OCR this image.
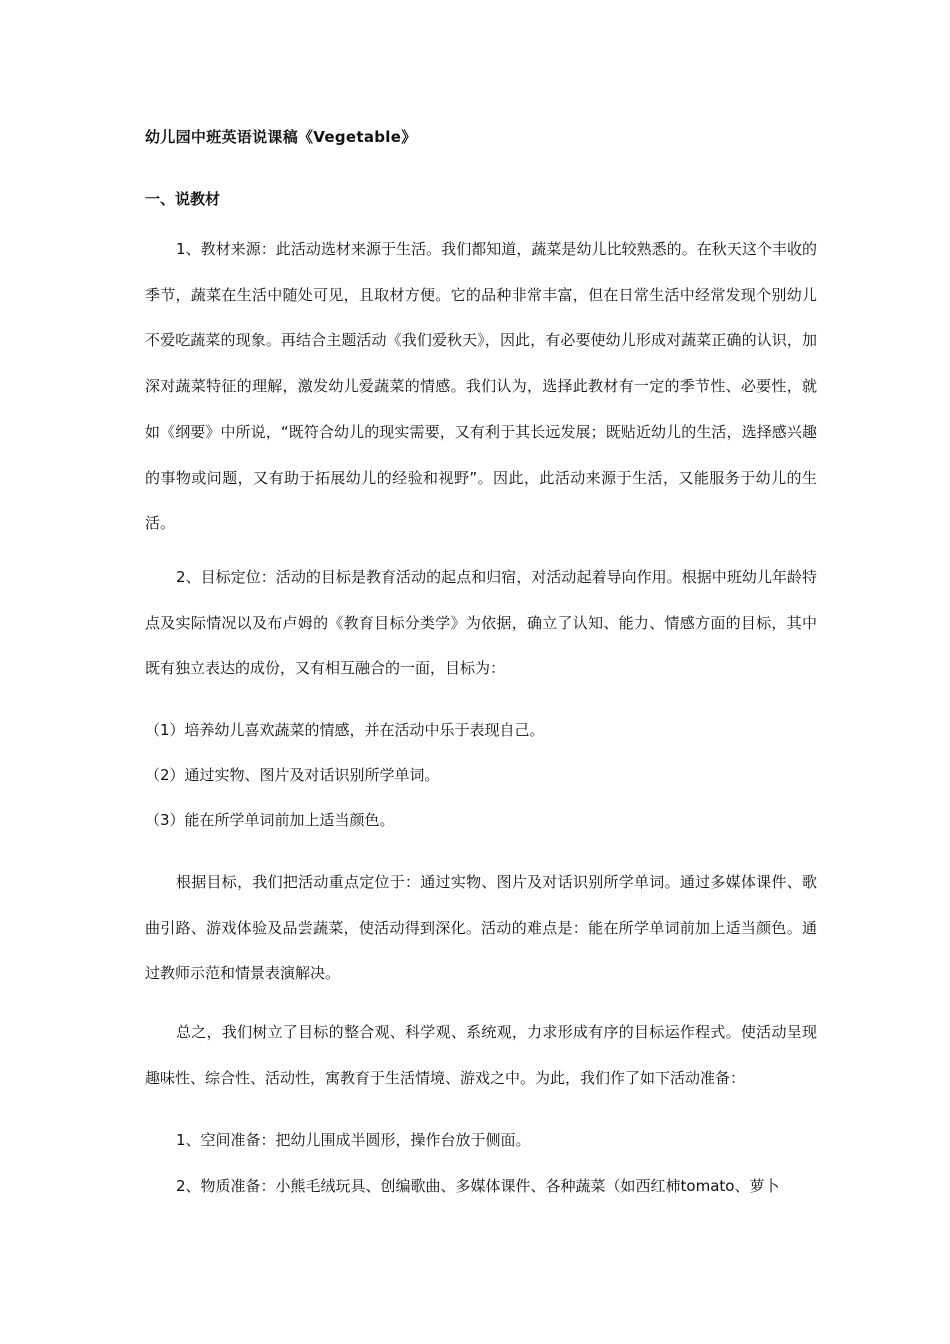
幼儿园中班英语说课稿《Vegetable》
一、说教材
1、教材来源：此活动选材来源于生活。我们都知道，蔬菜是幼儿比较熟悉的。在秋天这个丰收的季节，蔬菜在生活中随处可见，且取材方便。它的品种非常丰富，但在日常生活中经常发现个别幼儿不爱吃蔬菜的现象。再结合主题活动《我们爱秋天》，因此，有必要使幼儿形成对蔬菜正确的认识，加深对蔬菜特征的理解，激发幼儿爱蔬菜的情感。我们认为，选择此教材有一定的季节性、必要性，就如《纲要》中所说，“既符合幼儿的现实需要，又有利于其长远发展；既贴近幼儿的生活，选择感兴趣的事物或问题，又有助于拓展幼儿的经验和视野”。因此，此活动来源于生活，又能服务于幼儿的生活。
2、目标定位：活动的目标是教育活动的起点和归宿，对活动起着导向作用。根据中班幼儿年龄特点及实际情况以及布卢姆的《教育目标分类学》为依据，确立了认知、能力、情感方面的目标，其中既有独立表达的成份，又有相互融合的一面，目标为：
（1）培养幼儿喜欢蔬菜的情感，并在活动中乐于表现自己。
（2）通过实物、图片及对话识别所学单词。
（3）能在所学单词前加上适当颜色。
根据目标，我们把活动重点定位于：通过实物、图片及对话识别所学单词。通过多媒体课件、歌曲引路、游戏体验及品尝蔬菜，使活动得到深化。活动的难点是：能在所学单词前加上适当颜色。通过教师示范和情景表演解决。
总之，我们树立了目标的整合观、科学观、系统观，力求形成有序的目标运作程式。使活动呈现趣味性、综合性、活动性，寓教育于生活情境、游戏之中。为此，我们作了如下活动准备：
1、空间准备：把幼儿围成半圆形，操作台放于侧面。
2、物质准备：小熊毛绒玩具、创编歌曲、多媒体课件、各种蔬菜（如西红柿tomato、萝卜
